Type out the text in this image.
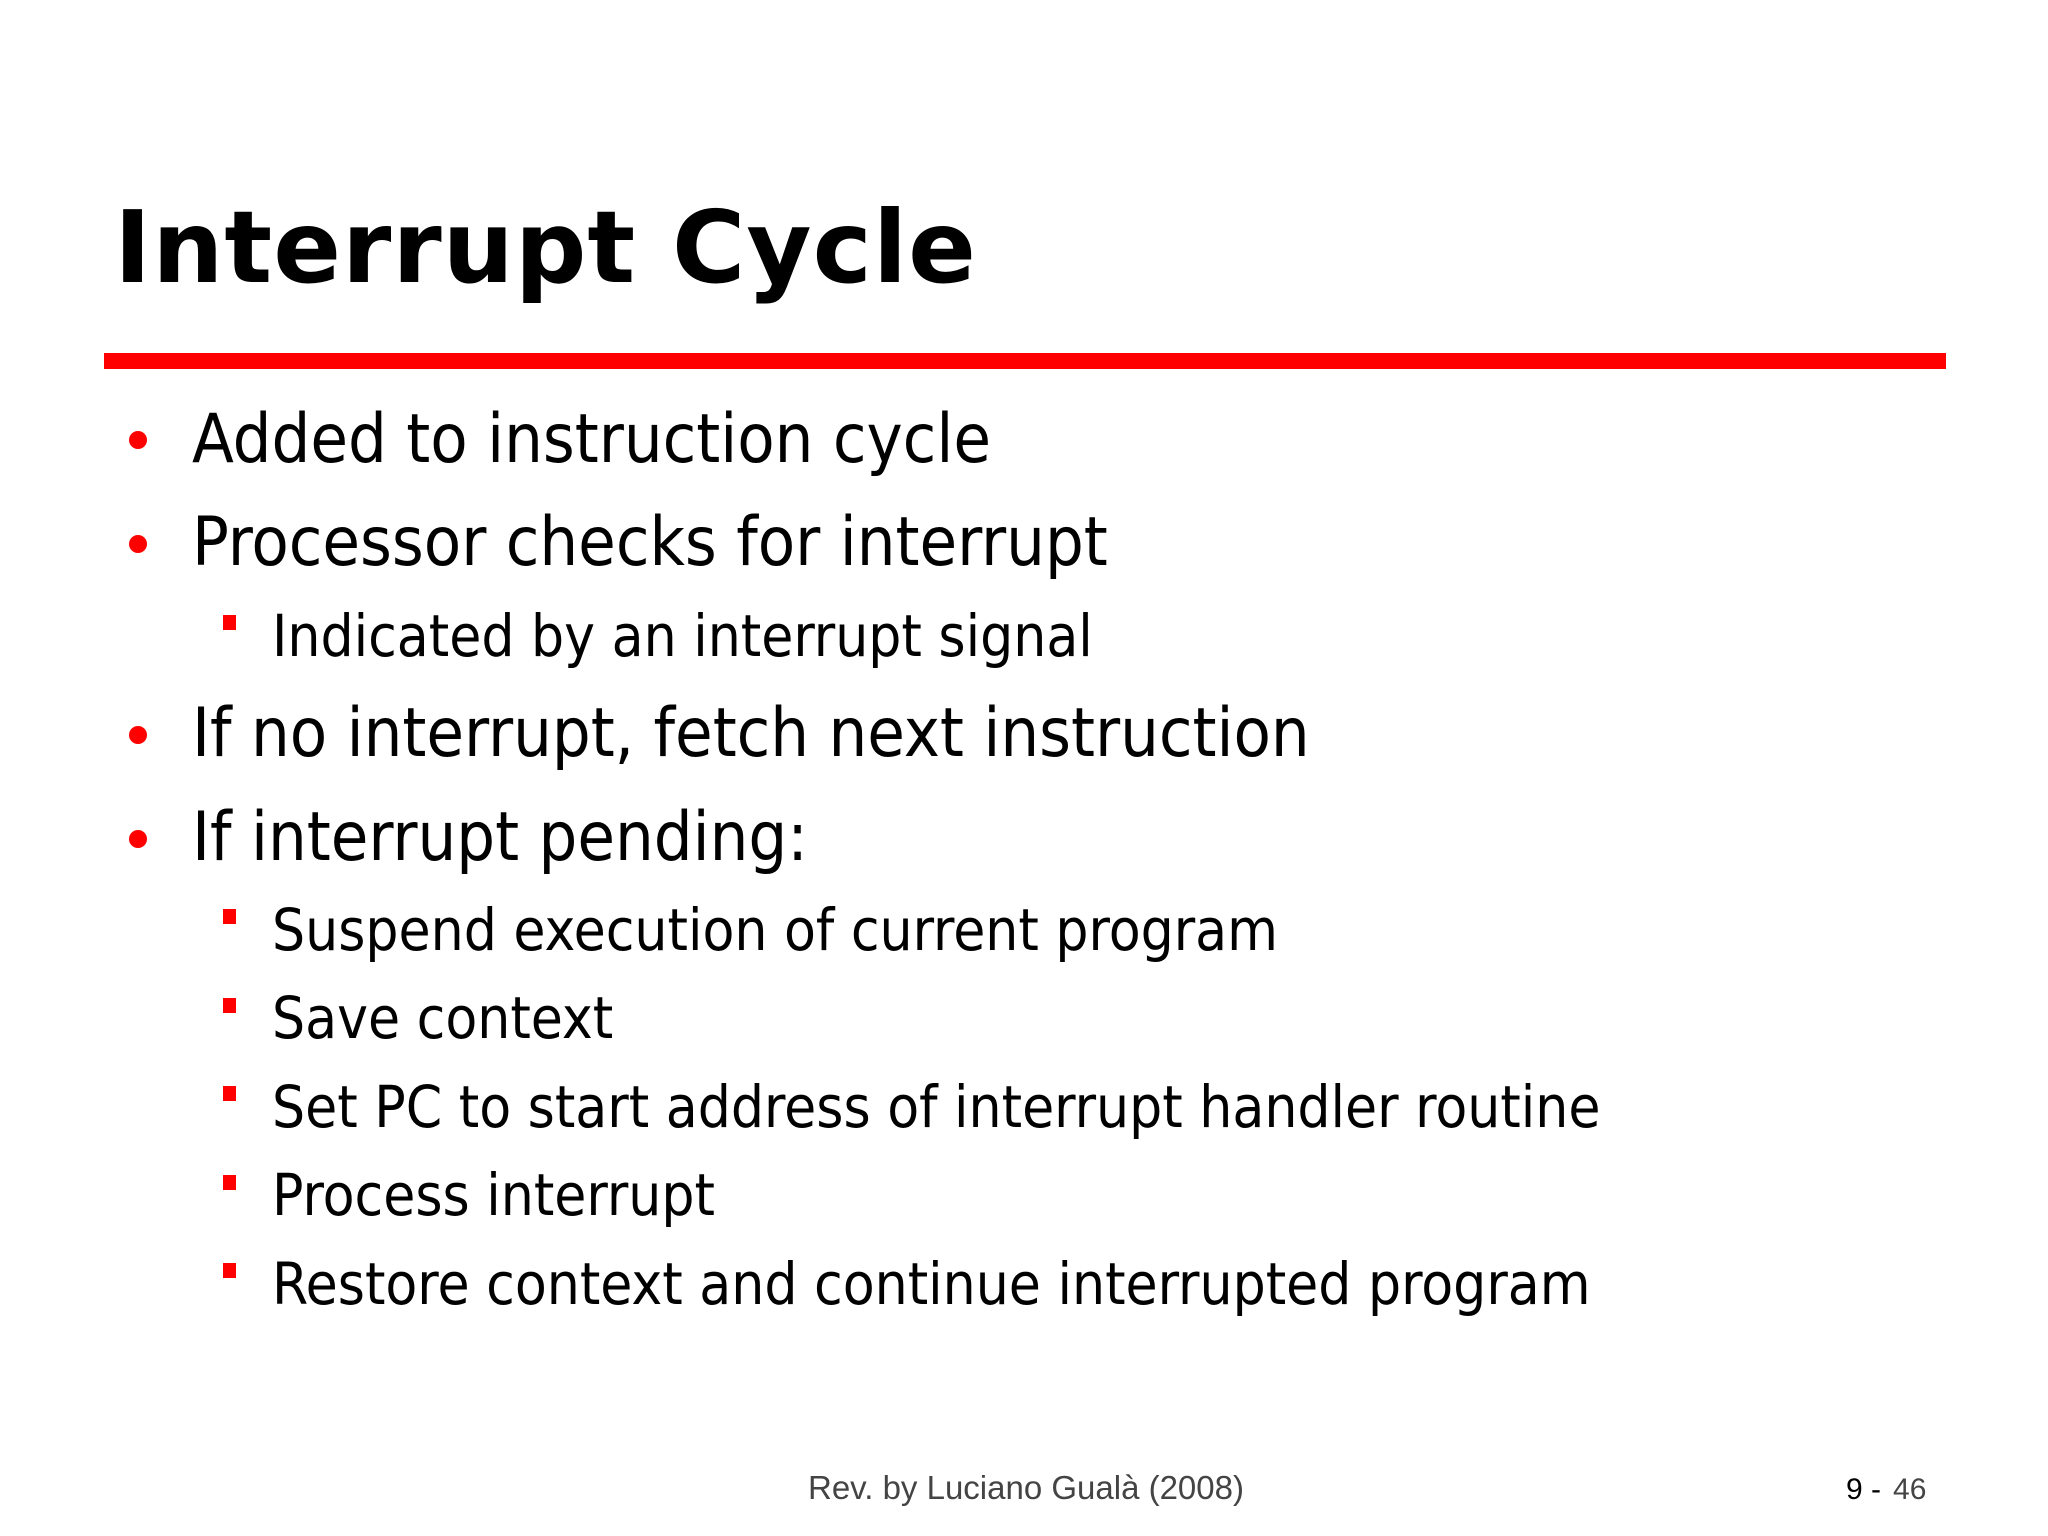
Interrupt Cycle
Added to instruction cycle
Processor checks for interrupt
Indicated by an interrupt signal
If no interrupt, fetch next instruction
If interrupt pending:
Suspend execution of current program
Save context
Set PC to start address of interrupt handler routine
Process interrupt
Restore context and continue interrupted program
Rev. by Luciano Gualà (2008)	9 - 46
